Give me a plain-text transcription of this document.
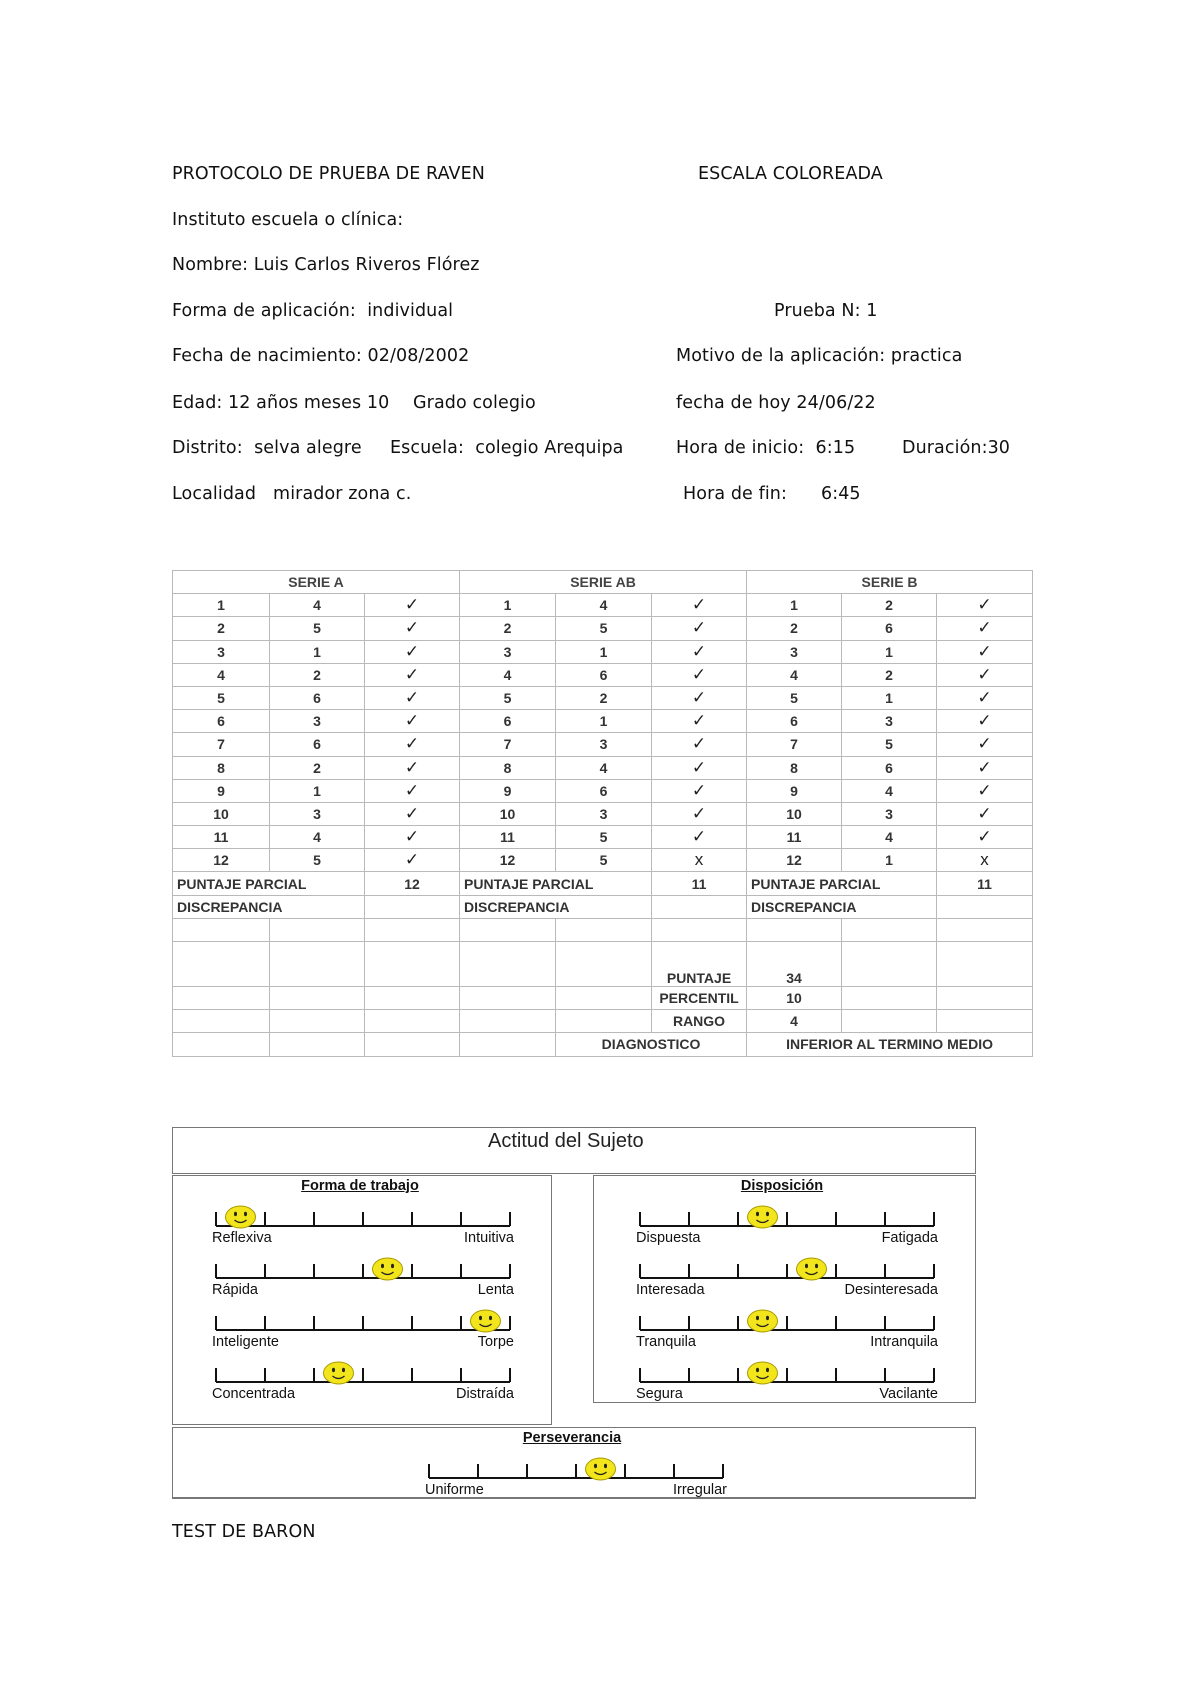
PROTOCOLO DE PRUEBA DE RAVEN	ESCALA COLOREADA
Instituto escuela o clínica:
Nombre: Luis Carlos Riveros Flórez
Forma de aplicación:  individual	Prueba N: 1
Fecha de nacimiento: 02/08/2002	Motivo de la aplicación: practica
Edad: 12 años meses 10 Grado colegio	fecha de hoy 24/06/22
Distrito:  selva alegre Escuela:  colegio Arequipa	Hora de inicio:  6:15	Duración:30
Localidad   mirador zona c.	Hora de fin:      6:45
SERIE A			SERIE AB			SERIE B		
1	4	✓	1	4	✓	1	2	✓
2	5	✓	2	5	✓	2	6	✓
3	1	✓	3	1	✓	3	1	✓
4	2	✓	4	6	✓	4	2	✓
5	6	✓	5	2	✓	5	1	✓
6	3	✓	6	1	✓	6	3	✓
7	6	✓	7	3	✓	7	5	✓
8	2	✓	8	4	✓	8	6	✓
9	1	✓	9	6	✓	9	4	✓
10	3	✓	10	3	✓	10	3	✓
11	4	✓	11	5	✓	11	4	✓
12	5	✓	12	5	x	12	1	x
PUNTAJE PARCIAL		12	PUNTAJE PARCIAL		11	PUNTAJE PARCIAL		11
DISCREPANCIA			DISCREPANCIA			DISCREPANCIA		

					PUNTAJE	34		
					PERCENTIL	10		
					RANGO	4		
				DIAGNOSTICO		INFERIOR AL TERMINO MEDIO		
Actitud del Sujeto
Forma de trabajo	Disposición
Perseverancia
Reflexiva	Intuitiva
Rápida	Lenta
Inteligente	Torpe
Concentrada	Distraída
Dispuesta	Fatigada
Interesada	Desinteresada
Tranquila	Intranquila
Segura	Vacilante
Uniforme	Irregular
TEST DE BARON
